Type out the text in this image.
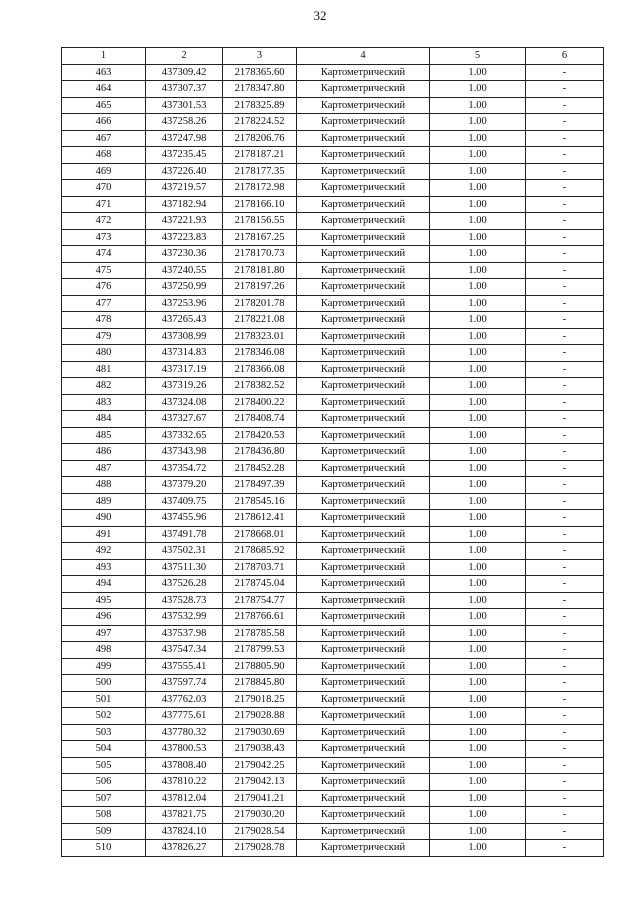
32
1	2	3	4	5	6
463	437309.42	2178365.60	Картометрический	1.00	-
464	437307.37	2178347.80	Картометрический	1.00	-
465	437301.53	2178325.89	Картометрический	1.00	-
466	437258.26	2178224.52	Картометрический	1.00	-
467	437247.98	2178206.76	Картометрический	1.00	-
468	437235.45	2178187.21	Картометрический	1.00	-
469	437226.40	2178177.35	Картометрический	1.00	-
470	437219.57	2178172.98	Картометрический	1.00	-
471	437182.94	2178166.10	Картометрический	1.00	-
472	437221.93	2178156.55	Картометрический	1.00	-
473	437223.83	2178167.25	Картометрический	1.00	-
474	437230.36	2178170.73	Картометрический	1.00	-
475	437240.55	2178181.80	Картометрический	1.00	-
476	437250.99	2178197.26	Картометрический	1.00	-
477	437253.96	2178201.78	Картометрический	1.00	-
478	437265.43	2178221.08	Картометрический	1.00	-
479	437308.99	2178323.01	Картометрический	1.00	-
480	437314.83	2178346.08	Картометрический	1.00	-
481	437317.19	2178366.08	Картометрический	1.00	-
482	437319.26	2178382.52	Картометрический	1.00	-
483	437324.08	2178400.22	Картометрический	1.00	-
484	437327.67	2178408.74	Картометрический	1.00	-
485	437332.65	2178420.53	Картометрический	1.00	-
486	437343.98	2178436.80	Картометрический	1.00	-
487	437354.72	2178452.28	Картометрический	1.00	-
488	437379.20	2178497.39	Картометрический	1.00	-
489	437409.75	2178545.16	Картометрический	1.00	-
490	437455.96	2178612.41	Картометрический	1.00	-
491	437491.78	2178668.01	Картометрический	1.00	-
492	437502.31	2178685.92	Картометрический	1.00	-
493	437511.30	2178703.71	Картометрический	1.00	-
494	437526.28	2178745.04	Картометрический	1.00	-
495	437528.73	2178754.77	Картометрический	1.00	-
496	437532.99	2178766.61	Картометрический	1.00	-
497	437537.98	2178785.58	Картометрический	1.00	-
498	437547.34	2178799.53	Картометрический	1.00	-
499	437555.41	2178805.90	Картометрический	1.00	-
500	437597.74	2178845.80	Картометрический	1.00	-
501	437762.03	2179018.25	Картометрический	1.00	-
502	437775.61	2179028.88	Картометрический	1.00	-
503	437780.32	2179030.69	Картометрический	1.00	-
504	437800.53	2179038.43	Картометрический	1.00	-
505	437808.40	2179042.25	Картометрический	1.00	-
506	437810.22	2179042.13	Картометрический	1.00	-
507	437812.04	2179041.21	Картометрический	1.00	-
508	437821.75	2179030.20	Картометрический	1.00	-
509	437824.10	2179028.54	Картометрический	1.00	-
510	437826.27	2179028.78	Картометрический	1.00	-
